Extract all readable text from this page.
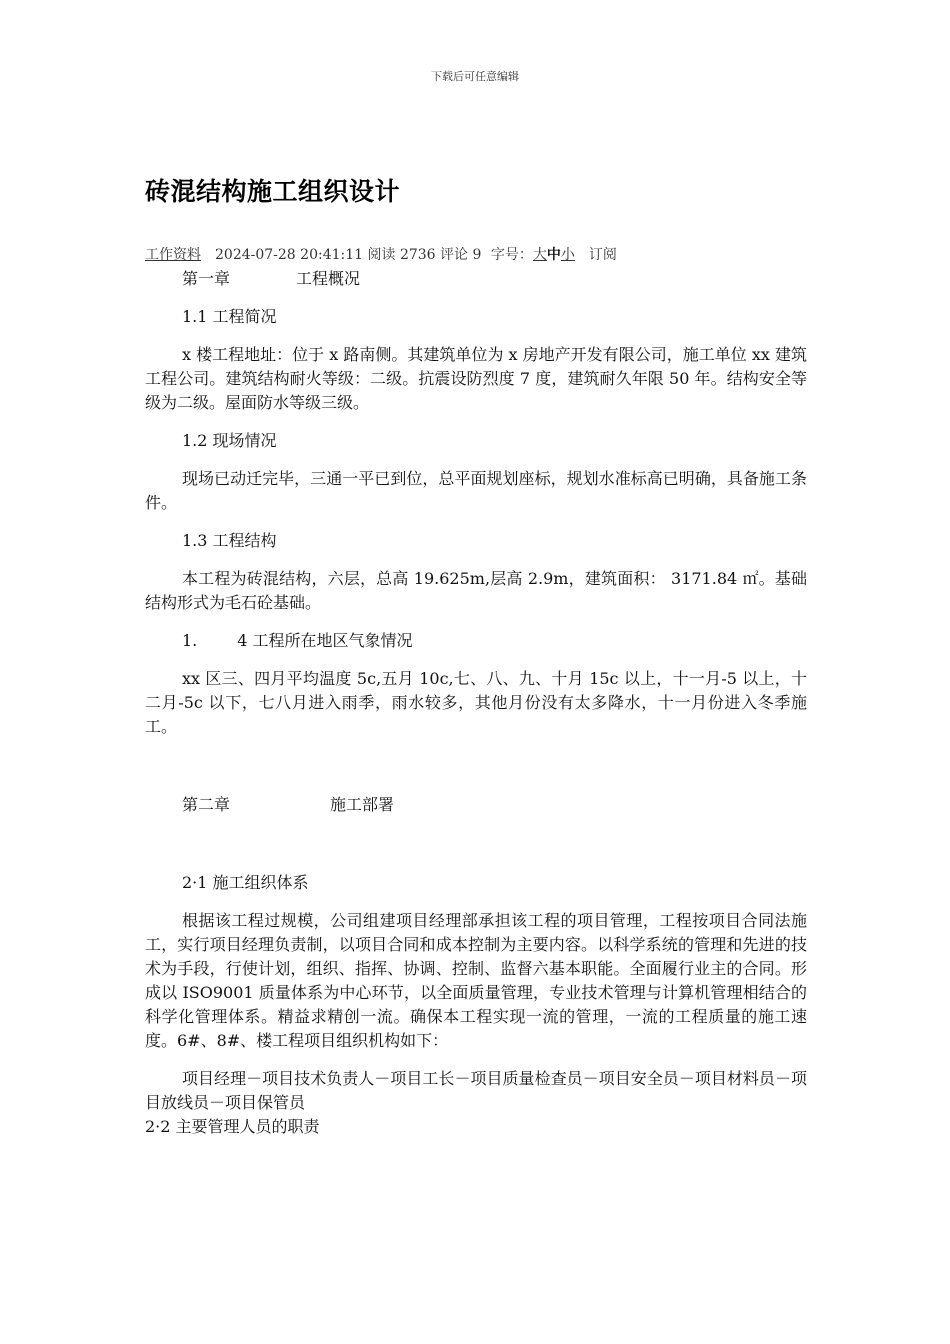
下载后可任意编辑
砖混结构施工组织设计
工作资料 2024-07-28 20:41:11 阅读 2736 评论 9 字号：大中小 订阅

第一章	工程概况

1.1 工程简况

x 楼工程地址：位于 x 路南侧。其建筑单位为 x 房地产开发有限公司，施工单位 xx 建筑工程公司。建筑结构耐火等级：二级。抗震设防烈度 7 度，建筑耐久年限 50 年。结构安全等级为二级。屋面防水等级三级。

1.2 现场情况

现场已动迁完毕，三通一平已到位，总平面规划座标，规划水准标高已明确，具备施工条件。

1.3 工程结构

本工程为砖混结构，六层，总高 19.625m,层高 2.9m，建筑面积： 3171.84 ㎡。基础结构形式为毛石砼基础。

1.	4 工程所在地区气象情况

xx 区三、四月平均温度 5c,五月 10c,七、八、九、十月 15c 以上，十一月-5 以上，十二月-5c 以下，七八月进入雨季，雨水较多，其他月份没有太多降水，十一月份进入冬季施工。

第二章	施工部署

2·1 施工组织体系

根据该工程过规模，公司组建项目经理部承担该工程的项目管理，工程按项目合同法施工，实行项目经理负责制，以项目合同和成本控制为主要内容。以科学系统的管理和先进的技术为手段，行使计划，组织、指挥、协调、控制、监督六基本职能。全面履行业主的合同。形成以 ISO9001 质量体系为中心环节，以全面质量管理，专业技术管理与计算机管理相结合的科学化管理体系。精益求精创一流。确保本工程实现一流的管理，一流的工程质量的施工速度。6#、8#、楼工程项目组织机构如下：

项目经理－项目技术负责人－项目工长－项目质量检查员－项目安全员－项目材料员－项目放线员－项目保管员

2·2 主要管理人员的职责
